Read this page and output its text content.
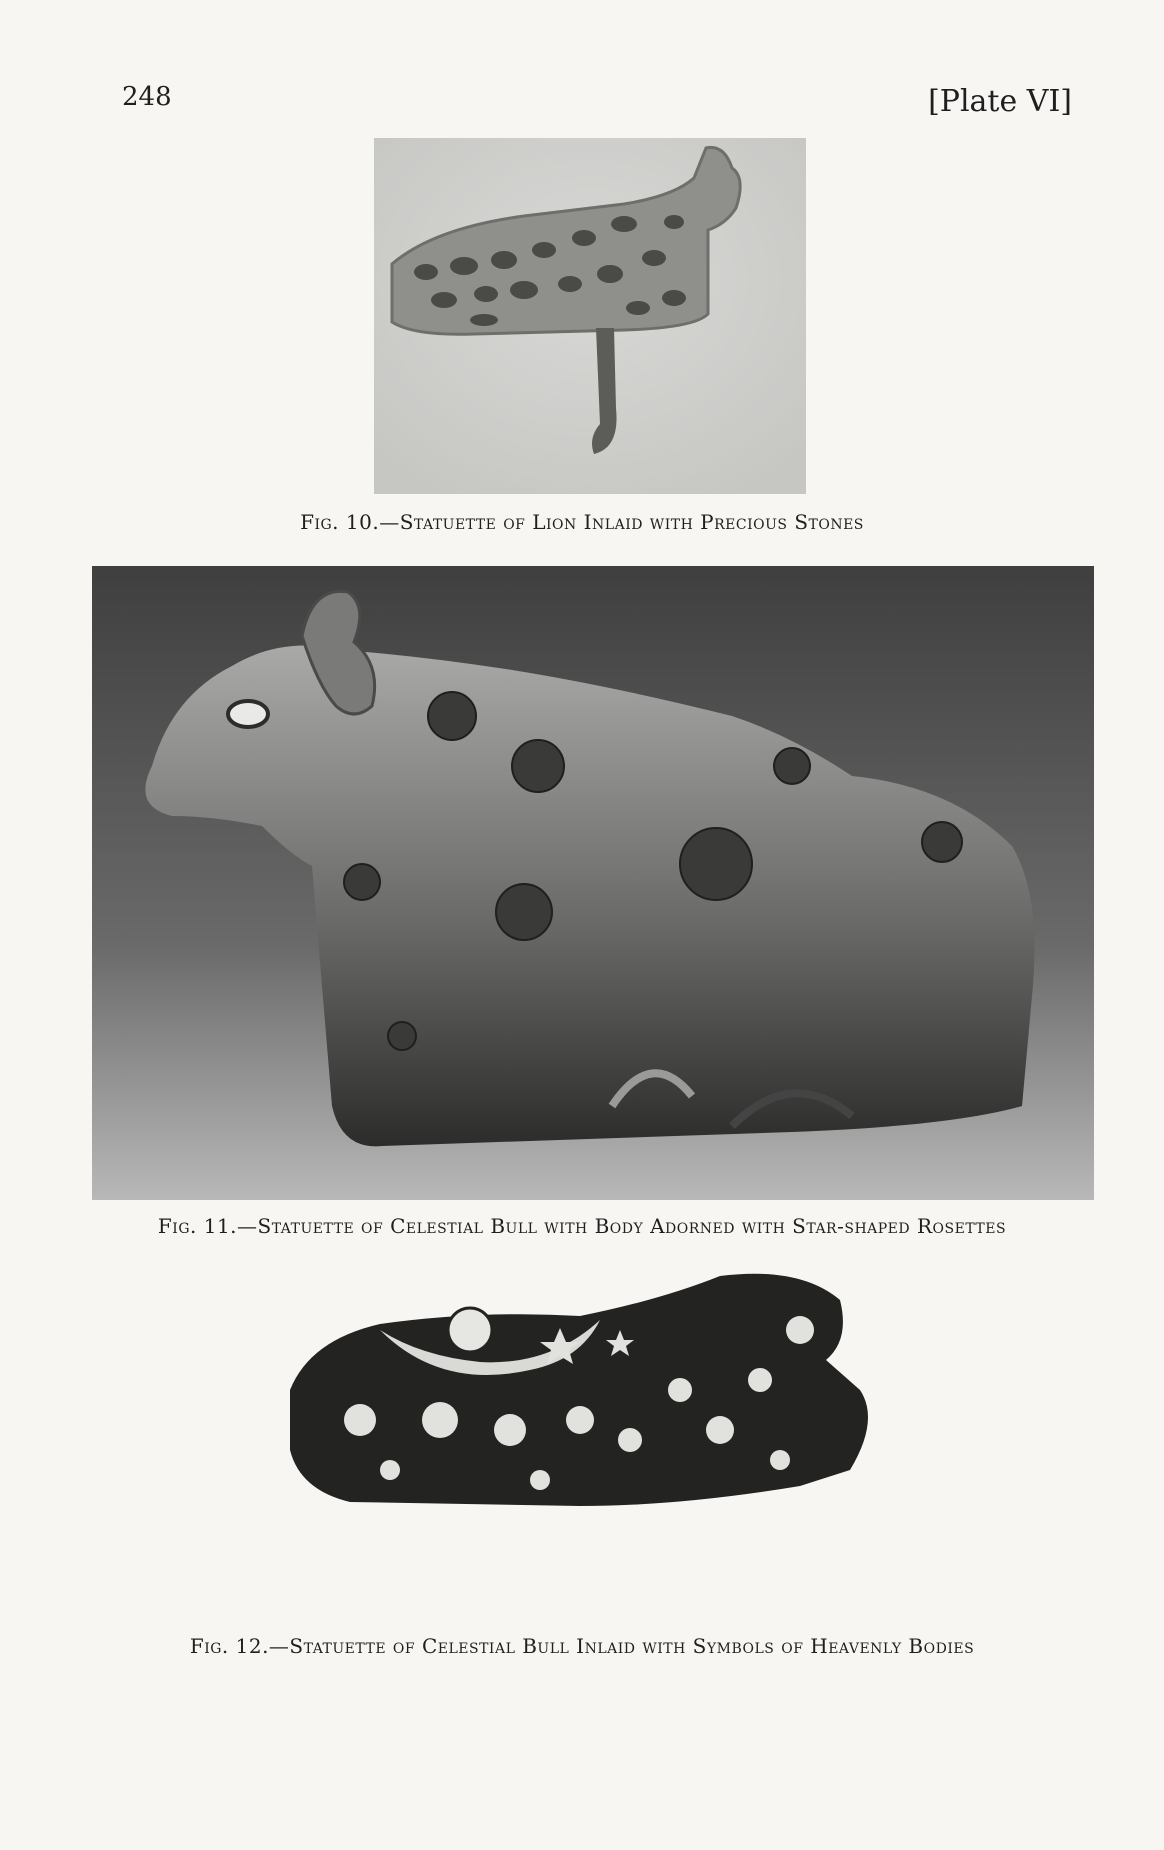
248	[Plate VI]
Fig. 10.—Statuette of Lion Inlaid with Precious Stones
Fig. 11.—Statuette of Celestial Bull with Body Adorned with Star-shaped Rosettes
Fig. 12.—Statuette of Celestial Bull Inlaid with Symbols of Heavenly Bodies
